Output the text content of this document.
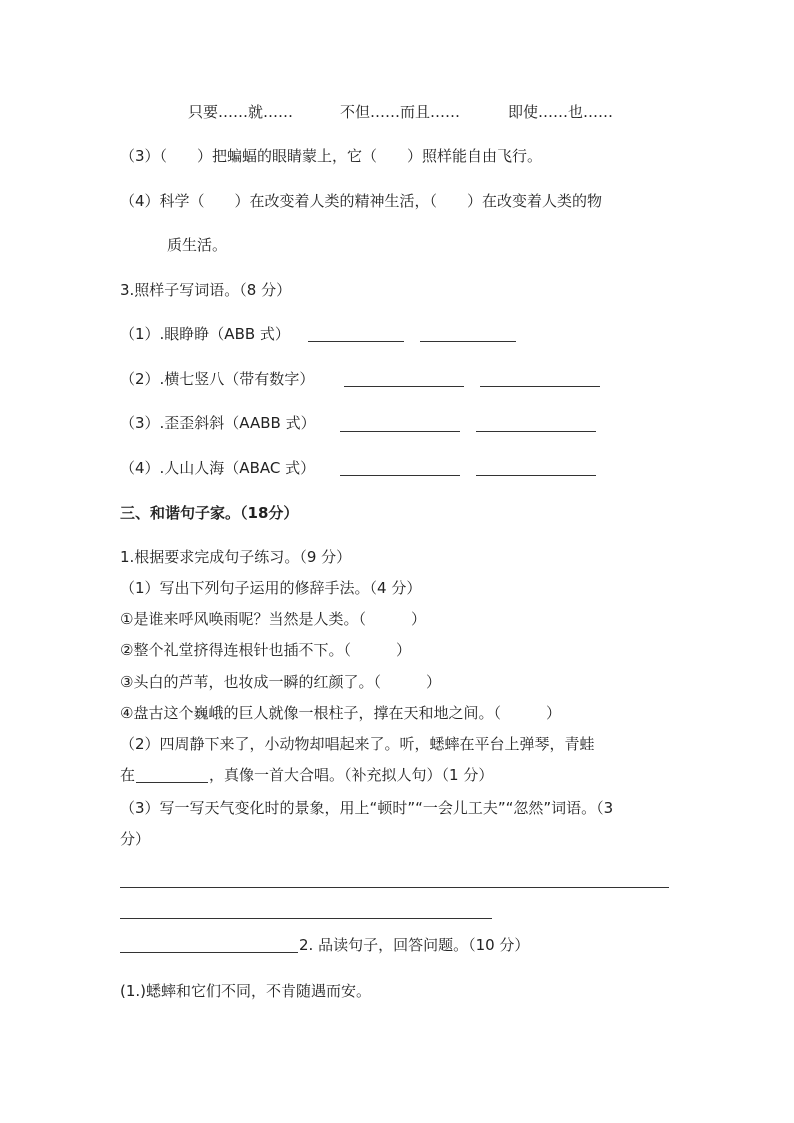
只要……就……	不但……而且……	即使……也……
（3）（　　）把蝙蝠的眼睛蒙上，它（　　）照样能自由飞行。
（4）科学（　　）在改变着人类的精神生活，（　　）在改变着人类的物
质生活。
3.照样子写词语。（8 分）
（1）.眼睁睁（ABB 式）
（2）.横七竖八（带有数字）
（3）.歪歪斜斜（AABB 式）
（4）.人山人海（ABAC 式）
三、和谐句子家。（18分）
1.根据要求完成句子练习。（9 分）
（1）写出下列句子运用的修辞手法。（4 分）
①是谁来呼风唤雨呢？当然是人类。（　　　）
②整个礼堂挤得连根针也插不下。（　　　）
③头白的芦苇，也妆成一瞬的红颜了。（　　　）
④盘古这个巍峨的巨人就像一根柱子，撑在天和地之间。（　　　）
（2）四周静下来了，小动物却唱起来了。听，蟋蟀在平台上弹琴，青蛙
在	，真像一首大合唱。（补充拟人句）（1 分）
（3）写一写天气变化时的景象，用上“顿时”“一会儿工夫”“忽然”词语。（3
分）
2. 品读句子，回答问题。（10 分）
(1.)蟋蟀和它们不同，不肯随遇而安。
